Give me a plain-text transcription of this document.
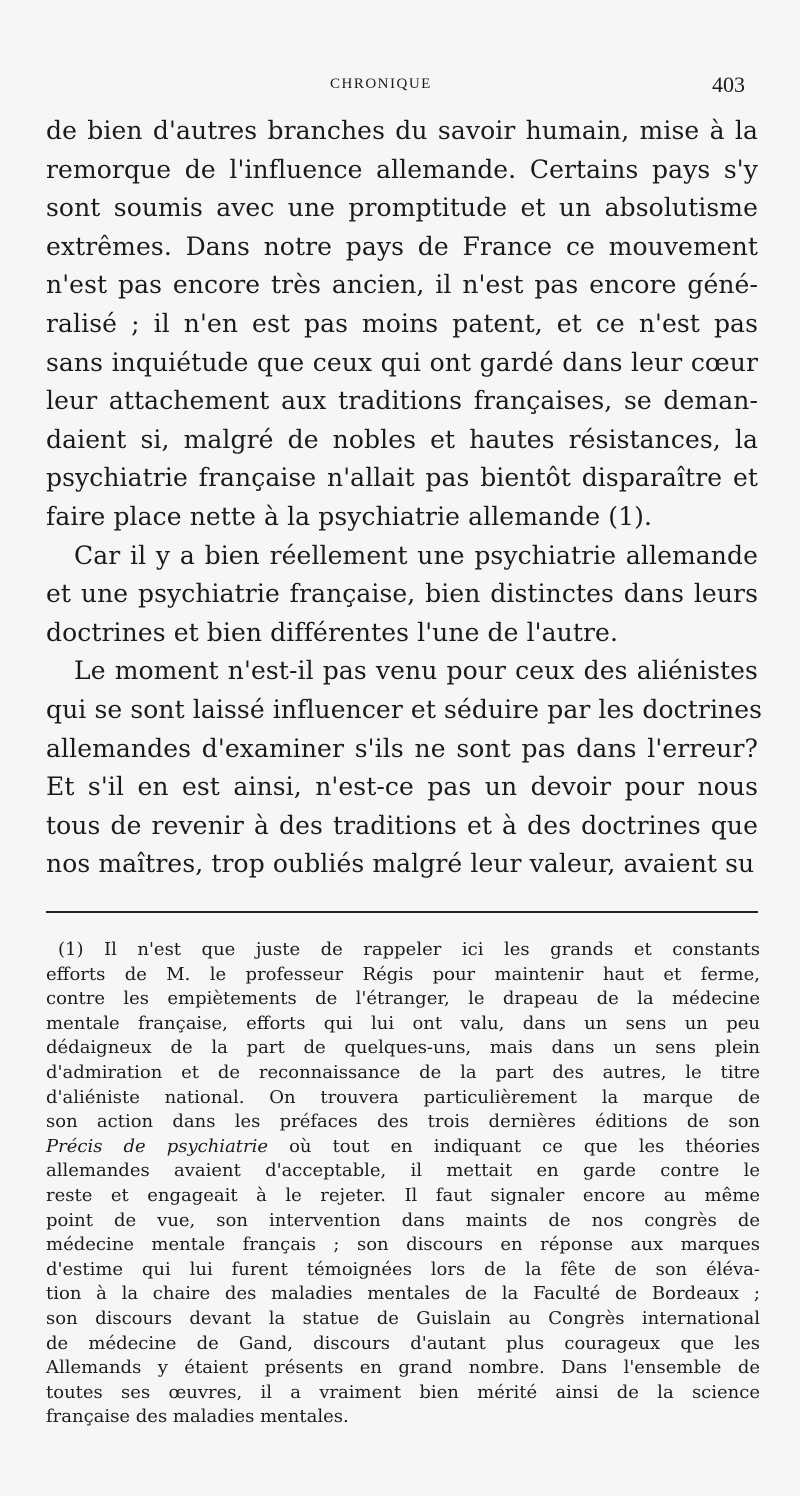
CHRONIQUE	403
de bien d'autres branches du savoir humain, mise à la
remorque de l'influence allemande. Certains pays s'y
sont soumis avec une promptitude et un absolutisme
extrêmes. Dans notre pays de France ce mouvement
n'est pas encore très ancien, il n'est pas encore géné-
ralisé ; il n'en est pas moins patent, et ce n'est pas
sans inquiétude que ceux qui ont gardé dans leur cœur
leur attachement aux traditions françaises, se deman-
daient si, malgré de nobles et hautes résistances, la
psychiatrie française n'allait pas bientôt disparaître et
faire place nette à la psychiatrie allemande (1).
Car il y a bien réellement une psychiatrie allemande
et une psychiatrie française, bien distinctes dans leurs
doctrines et bien différentes l'une de l'autre.
Le moment n'est-il pas venu pour ceux des aliénistes
qui se sont laissé influencer et séduire par les doctrines
allemandes d'examiner s'ils ne sont pas dans l'erreur?
Et s'il en est ainsi, n'est-ce pas un devoir pour nous
tous de revenir à des traditions et à des doctrines que
nos maîtres, trop oubliés malgré leur valeur, avaient su
(1) Il n'est que juste de rappeler ici les grands et constants
efforts de M. le professeur Régis pour maintenir haut et ferme,
contre les empiètements de l'étranger, le drapeau de la médecine
mentale française, efforts qui lui ont valu, dans un sens un peu
dédaigneux de la part de quelques-uns, mais dans un sens plein
d'admiration et de reconnaissance de la part des autres, le titre
d'aliéniste national. On trouvera particulièrement la marque de
son action dans les préfaces des trois dernières éditions de son
Précis de psychiatrie où tout en indiquant ce que les théories
allemandes avaient d'acceptable, il mettait en garde contre le
reste et engageait à le rejeter. Il faut signaler encore au même
point de vue, son intervention dans maints de nos congrès de
médecine mentale français ; son discours en réponse aux marques
d'estime qui lui furent témoignées lors de la fête de son éléva-
tion à la chaire des maladies mentales de la Faculté de Bordeaux ;
son discours devant la statue de Guislain au Congrès international
de médecine de Gand, discours d'autant plus courageux que les
Allemands y étaient présents en grand nombre. Dans l'ensemble de
toutes ses œuvres, il a vraiment bien mérité ainsi de la science
française des maladies mentales.
